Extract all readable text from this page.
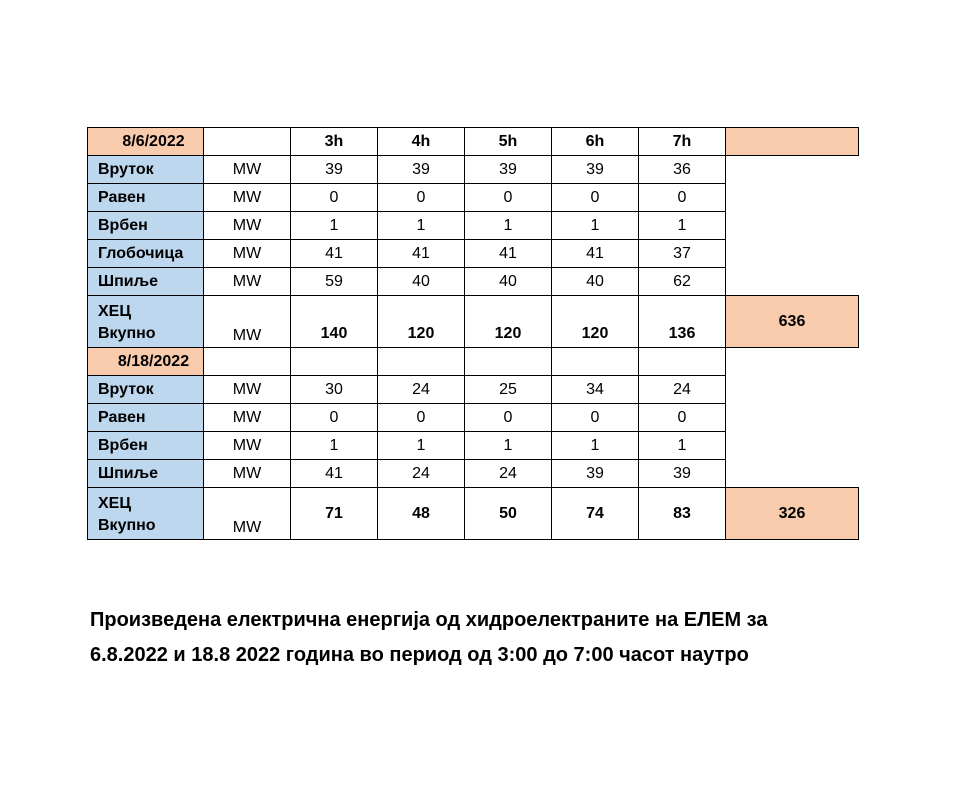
8/6/2022		3h	4h	5h	6h	7h	
Вруток	MW	39	39	39	39	36	
Равен	MW	0	0	0	0	0	
Врбен	MW	1	1	1	1	1	
Глобочица	MW	41	41	41	41	37	
Шпиље	MW	59	40	40	40	62	

ХЕЦ
Вкупно	MW	140	120	120	120	136	636
8/18/2022							
Вруток	MW	30	24	25	34	24	
Равен	MW	0	0	0	0	0	
Врбен	MW	1	1	1	1	1	
Шпиље	MW	41	24	24	39	39	

ХЕЦ
Вкупно	MW	71	48	50	74	83	326
Произведена електрична енергија од хидроелектраните на ЕЛЕМ за
6.8.2022 и 18.8 2022 година во период од 3:00 до 7:00 часот наутро
